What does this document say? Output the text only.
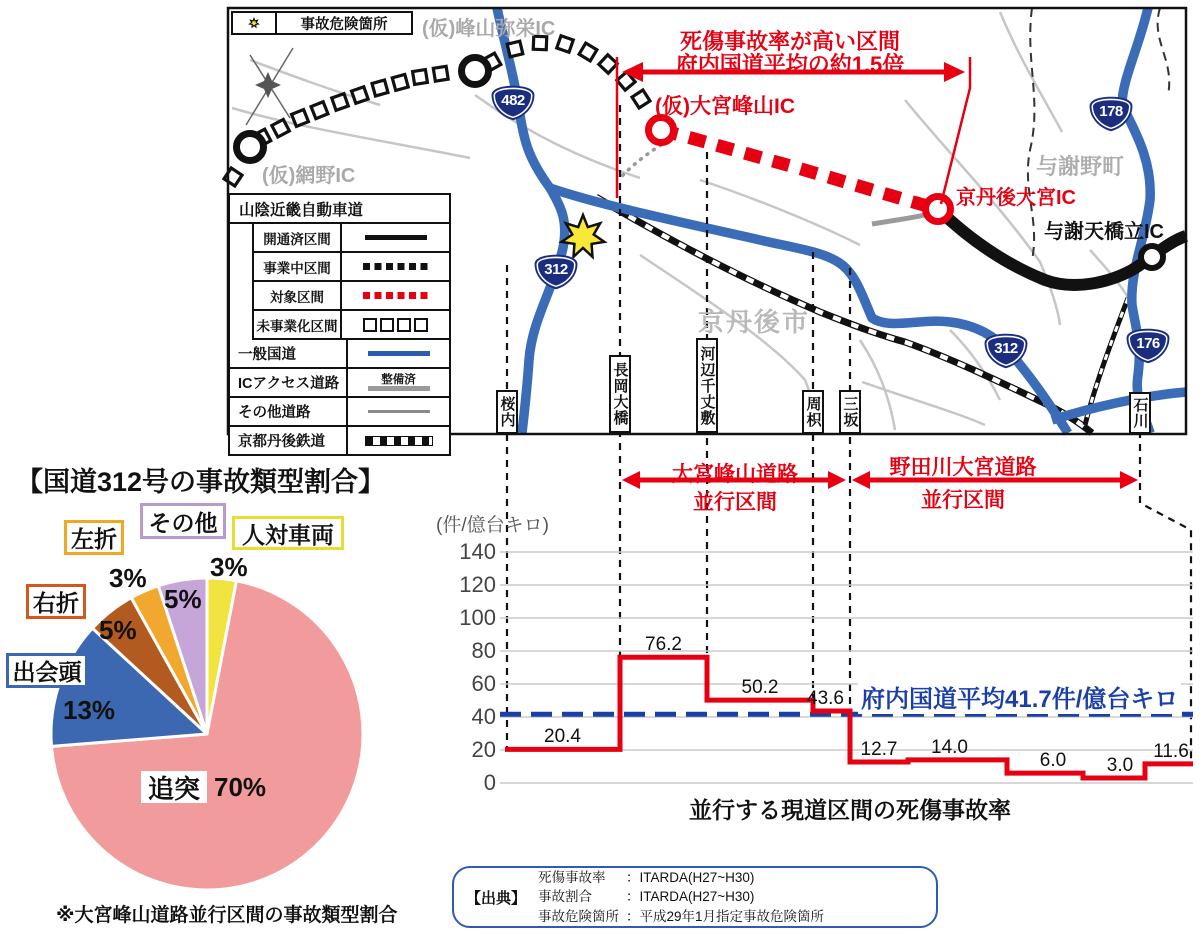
事故危険箇所
山陰近畿自動車道
開通済区間
事業中区間
対象区間
未事業化区間
一般国道
ICアクセス道路	整備済
その他道路
京都丹後鉄道
死傷事故率が高い区間
府内国道平均の約1.5倍
(仮)網野IC
(仮)峰山弥栄IC
(仮)大宮峰山IC
京丹後大宮IC
与謝天橋立IC
与謝野町
京丹後市
482
312
312
178
176
桜内	長岡大橋	河辺千丈敷	周枳 三坂	石川
【国道312号の事故類型割合】
人対車両
その他
左折
右折
出会頭
3%
5%
3%
5%
13%
追突 70%
※大宮峰山道路並行区間の事故類型割合
(件/億台キロ)
大宮峰山道路
並行区間
野田川大宮道路
並行区間
府内国道平均41.7件/億台キロ
並行する現道区間の死傷事故率
0
20
40
60
80
100
120
140
20.4
76.2
50.2
43.6
12.7	14.0
6.0	3.0
11.6
【出典】
死傷事故率 ：ITARDA(H27~H30)
事故割合	：ITARDA(H27~H30)
事故危険箇所 ：平成29年1月指定事故危険箇所
